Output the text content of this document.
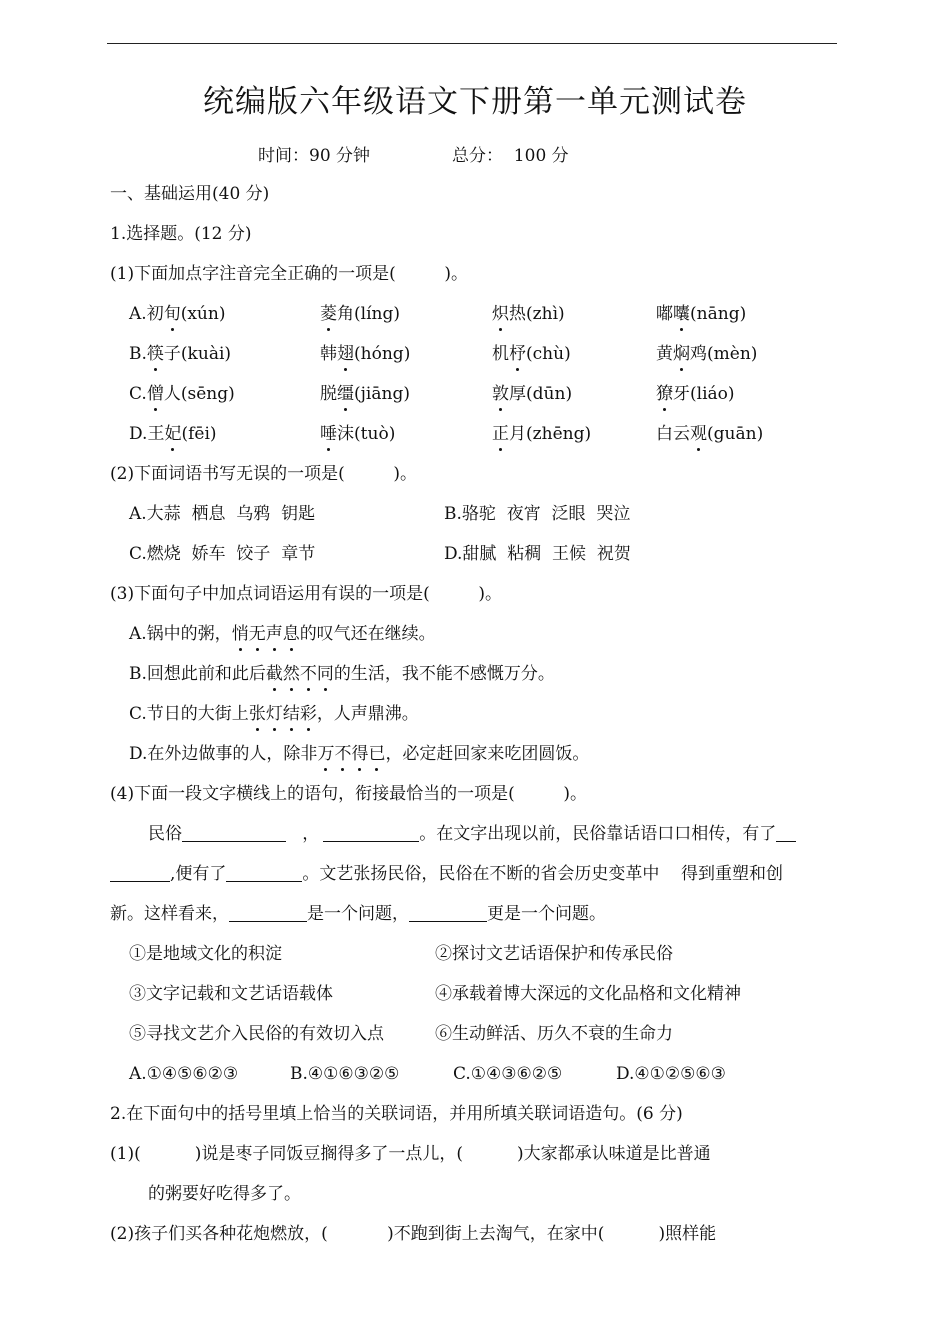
统编版六年级语文下册第一单元测试卷
时间：90 分钟	总分：  100 分
一、基础运用(40 分)
1.选择题。(12 分)
(1)下面加点字注音完全正确的一项是(         )。
A.初旬(xún)	菱角(líng)	炽热(zhì)	嘟囔(nāng)
B.筷子(kuài)	韩翅(hóng)	机杼(chù)	黄焖鸡(mèn)
C.僧人(sēng)	脱缰(jiāng)	敦厚(dūn)	獠牙(liáo)
D.王妃(fēi)	唾沫(tuò)	正月(zhēng)	白云观(guān)
(2)下面词语书写无误的一项是(         )。
A.大蒜  栖息  乌鸦  钥匙	B.骆驼  夜宵  泛眼  哭泣
C.燃烧  娇车  饺子  章节	D.甜腻  粘稠  王候  祝贺
(3)下面句子中加点词语运用有误的一项是(         )。
A.锅中的粥，悄无声息的叹气还在继续。
B.回想此前和此后截然不同的生活，我不能不感慨万分。
C.节日的大街上张灯结彩，人声鼎沸。
D.在外边做事的人，除非万不得已，必定赶回家来吃团圆饭。
(4)下面一段文字横线上的语句，衔接最恰当的一项是(         )。
民俗	，	。在文字出现以前，民俗靠话语口口相传，有了
,便有了	。文艺张扬民俗，民俗在不断的省会历史变革中    得到重塑和创
新。这样看来，	是一个问题，	更是一个问题。
①是地域文化的积淀	②探讨文艺话语保护和传承民俗
③文字记载和文艺话语载体	④承载着博大深远的文化品格和文化精神
⑤寻找文艺介入民俗的有效切入点	⑥生动鲜活、历久不衰的生命力
A.①④⑤⑥②③	B.④①⑥③②⑤	C.①④③⑥②⑤	D.④①②⑤⑥③
2.在下面句中的括号里填上恰当的关联词语，并用所填关联词语造句。(6 分)
(1)(          )说是枣子同饭豆搁得多了一点儿，(          )大家都承认味道是比普通
的粥要好吃得多了。
(2)孩子们买各种花炮燃放，(           )不跑到街上去淘气，在家中(          )照样能
